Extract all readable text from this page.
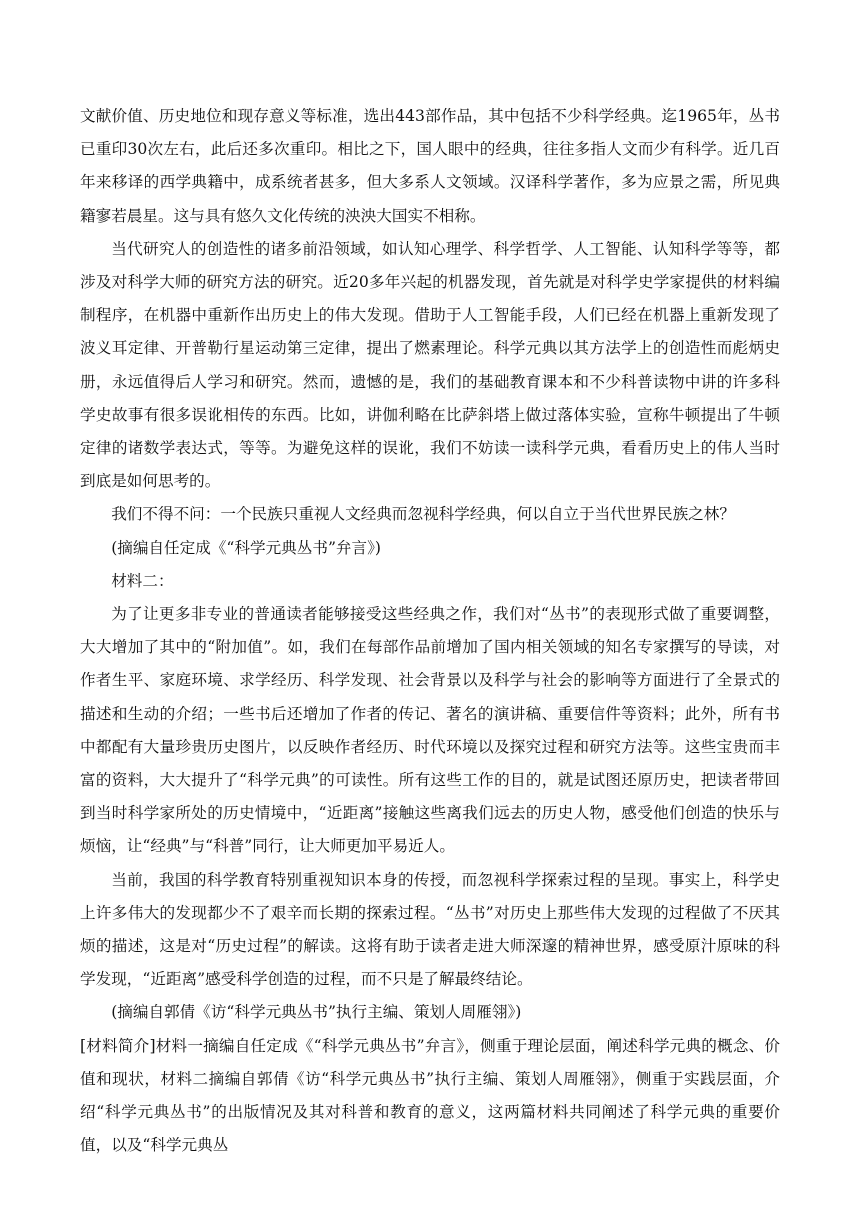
文献价值、历史地位和现存意义等标准，选出443部作品，其中包括不少科学经典。迄1965年，丛书已重印30次左右，此后还多次重印。相比之下，国人眼中的经典，往往多指人文而少有科学。近几百年来移译的西学典籍中，成系统者甚多，但大多系人文领域。汉译科学著作，多为应景之需，所见典籍寥若晨星。这与具有悠久文化传统的泱泱大国实不相称。

当代研究人的创造性的诸多前沿领域，如认知心理学、科学哲学、人工智能、认知科学等等，都涉及对科学大师的研究方法的研究。近20多年兴起的机器发现，首先就是对科学史学家提供的材料编制程序，在机器中重新作出历史上的伟大发现。借助于人工智能手段，人们已经在机器上重新发现了波义耳定律、开普勒行星运动第三定律，提出了燃素理论。科学元典以其方法学上的创造性而彪炳史册，永远值得后人学习和研究。然而，遗憾的是，我们的基础教育课本和不少科普读物中讲的许多科学史故事有很多误讹相传的东西。比如，讲伽利略在比萨斜塔上做过落体实验，宣称牛顿提出了牛顿定律的诸数学表达式，等等。为避免这样的误讹，我们不妨读一读科学元典，看看历史上的伟人当时到底是如何思考的。

我们不得不问：一个民族只重视人文经典而忽视科学经典，何以自立于当代世界民族之林？

(摘编自任定成《“科学元典丛书”弁言》)

材料二：

为了让更多非专业的普通读者能够接受这些经典之作，我们对“丛书”的表现形式做了重要调整，大大增加了其中的“附加值”。如，我们在每部作品前增加了国内相关领域的知名专家撰写的导读，对作者生平、家庭环境、求学经历、科学发现、社会背景以及科学与社会的影响等方面进行了全景式的描述和生动的介绍；一些书后还增加了作者的传记、著名的演讲稿、重要信件等资料；此外，所有书中都配有大量珍贵历史图片，以反映作者经历、时代环境以及探究过程和研究方法等。这些宝贵而丰富的资料，大大提升了“科学元典”的可读性。所有这些工作的目的，就是试图还原历史，把读者带回到当时科学家所处的历史情境中，“近距离”接触这些离我们远去的历史人物，感受他们创造的快乐与烦恼，让“经典”与“科普”同行，让大师更加平易近人。

当前，我国的科学教育特别重视知识本身的传授，而忽视科学探索过程的呈现。事实上，科学史上许多伟大的发现都少不了艰辛而长期的探索过程。“丛书”对历史上那些伟大发现的过程做了不厌其烦的描述，这是对“历史过程”的解读。这将有助于读者走进大师深邃的精神世界，感受原汁原味的科学发现，“近距离”感受科学创造的过程，而不只是了解最终结论。

(摘编自郭倩《访“科学元典丛书”执行主编、策划人周雁翎》)

[材料简介]材料一摘编自任定成《“科学元典丛书”弁言》，侧重于理论层面，阐述科学元典的概念、价值和现状，材料二摘编自郭倩《访“科学元典丛书”执行主编、策划人周雁翎》，侧重于实践层面，介绍“科学元典丛书”的出版情况及其对科普和教育的意义，这两篇材料共同阐述了科学元典的重要价值，以及“科学元典丛
